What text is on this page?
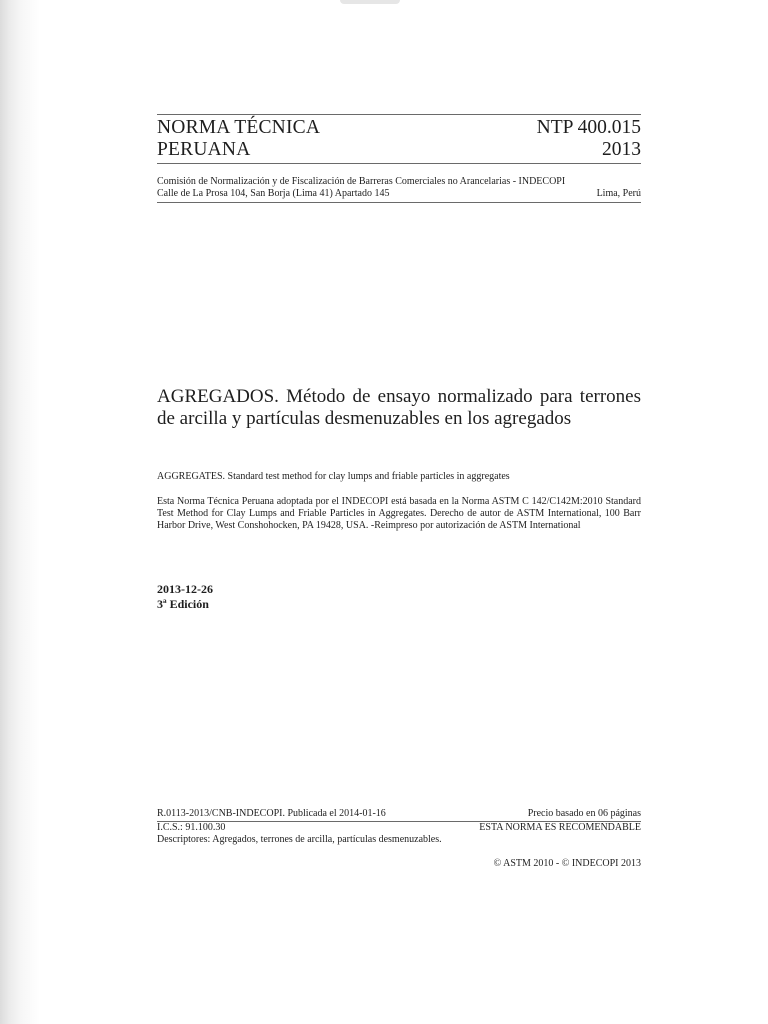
NORMA TÉCNICA
PERUANA
NTP 400.015
2013
Comisión de Normalización y de Fiscalización de Barreras Comerciales no Arancelarias - INDECOPI
Calle de La Prosa 104, San Borja (Lima 41) Apartado 145	Lima, Perú
AGREGADOS. Método de ensayo normalizado para terrones de arcilla y partículas desmenuzables en los agregados
AGGREGATES. Standard test method for clay lumps and friable particles in aggregates
Esta Norma Técnica Peruana adoptada por el INDECOPI está basada en la Norma ASTM C 142/C142M:2010 Standard Test Method for Clay Lumps and Friable Particles in Aggregates. Derecho de autor de ASTM International, 100 Barr Harbor Drive, West Conshohocken, PA 19428, USA. -Reimpreso por autorización de ASTM International
2013-12-26
3ª Edición
R.0113-2013/CNB-INDECOPI. Publicada el 2014-01-16	Precio basado en 06 páginas
I.C.S.: 91.100.30	ESTA NORMA ES RECOMENDABLE
Descriptores: Agregados, terrones de arcilla, partículas desmenuzables.
© ASTM 2010 - © INDECOPI 2013
